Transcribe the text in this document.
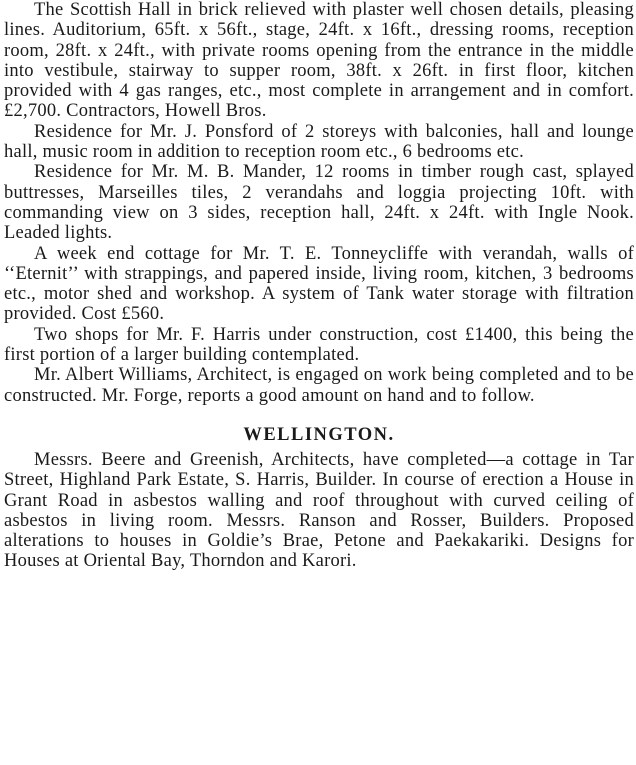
The Scottish Hall in brick relieved with plaster well chosen details, pleasing lines. Auditorium, 65ft. x 56ft., stage, 24ft. x 16ft., dressing rooms, reception room, 28ft. x 24ft., with private rooms opening from the entrance in the middle into vestibule, stairway to supper room, 38ft. x 26ft. in first floor, kitchen provided with 4 gas ranges, etc., most complete in arrangement and in comfort. £2,700. Contractors, Howell Bros.

Residence for Mr. J. Ponsford of 2 storeys with balconies, hall and lounge hall, music room in addition to reception room etc., 6 bedrooms etc.

Residence for Mr. M. B. Mander, 12 rooms in timber rough cast, splayed buttresses, Marseilles tiles, 2 verandahs and loggia projecting 10ft. with commanding view on 3 sides, reception hall, 24ft. x 24ft. with Ingle Nook. Leaded lights.

A week end cottage for Mr. T. E. Tonneycliffe with verandah, walls of ‘‘Eternit’’ with strappings, and papered inside, living room, kitchen, 3 bedrooms etc., motor shed and workshop. A system of Tank water storage with filtration provided. Cost £560.

Two shops for Mr. F. Harris under construction, cost £1400, this being the first portion of a larger building contemplated.

Mr. Albert Williams, Architect, is engaged on work being completed and to be constructed. Mr. Forge, reports a good amount on hand and to follow.

WELLINGTON.

Messrs. Beere and Greenish, Architects, have completed—a cottage in Tar Street, Highland Park Estate, S. Harris, Builder. In course of erection a House in Grant Road in asbestos walling and roof throughout with curved ceiling of asbestos in living room. Messrs. Ranson and Rosser, Builders. Proposed alterations to houses in Goldie’s Brae, Petone and Paekakariki. Designs for Houses at Oriental Bay, Thorndon and Karori.
